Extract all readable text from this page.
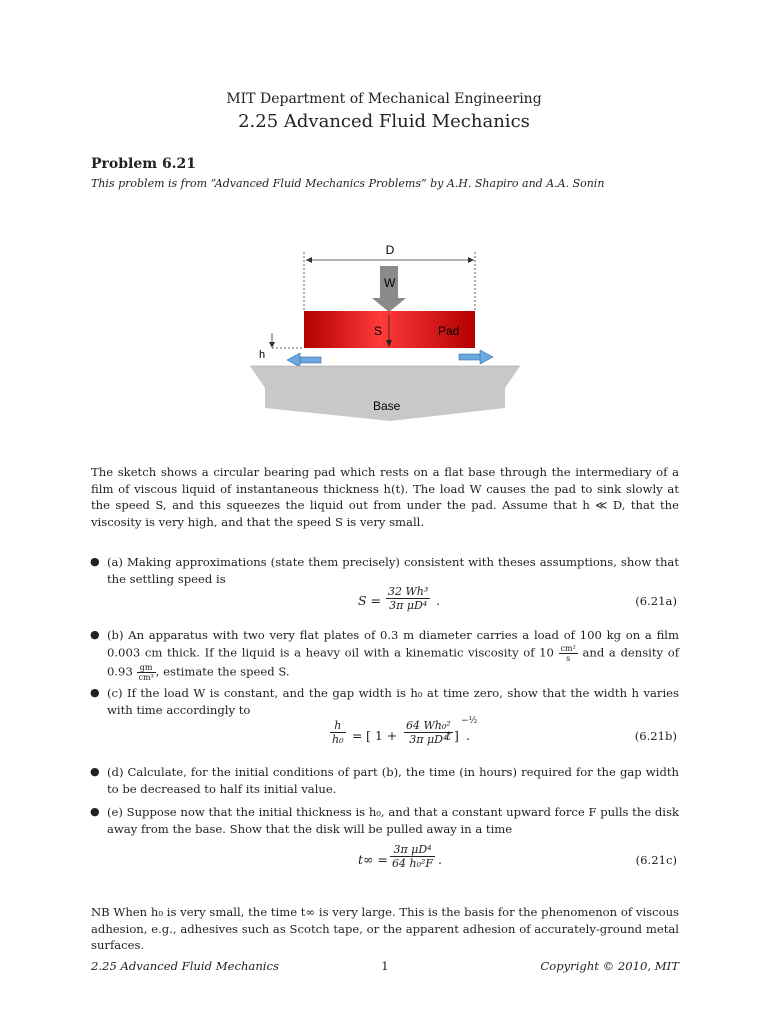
MIT Department of Mechanical Engineering
2.25 Advanced Fluid Mechanics
Problem 6.21
This problem is from “Advanced Fluid Mechanics Problems” by A.H. Shapiro and A.A. Sonin
D
W
S	Pad
h
Base
The sketch shows a circular bearing pad which rests on a flat base through the intermediary of a film of viscous liquid of instantaneous thickness h(t). The load W causes the pad to sink slowly at the speed S, and this squeezes the liquid out from under the pad. Assume that h ≪ D, that the viscosity is very high, and that the speed S is very small.
● (a) Making approximations (state them precisely) consistent with theses assumptions, show that the settling speed is
$S = \frac{\text{32 Wh³}}{\text{3π μD⁴}}$ .	(6.21a)
● (b) An apparatus with two very flat plates of 0.3 m diameter carries a load of 100 kg on a film 0.003 cm thick. If the liquid is a heavy oil with a kinematic viscosity of $10 \frac{\text{cm²}}{s}$ and a density of $0.93 \frac{gm}{\text{cm³}}$ , estimate the speed S.
● (c) If the load W is constant, and the gap width is h₀ at time zero, show that the width h varies with time accordingly to
$\frac{h}{\text{h₀}}$ = [ $1 + \frac{\text{64 Wh₀²}}{\text{3π μD⁴}}$
t ]
−½
.	(6.21b)
● (d) Calculate, for the initial conditions of part (b), the time (in hours) required for the gap width to be decreased to half its initial value.
● (e) Suppose now that the initial thickness is h₀, and that a constant upward force F pulls the disk away from the base. Show that the disk will be pulled away in a time
$t\infty = \frac{\text{3π μD⁴}}{\text{64 h₀²F}}$ .	(6.21c)
NB When h₀ is very small, the time t∞ is very large. This is the basis for the phenomenon of viscous adhesion, e.g., adhesives such as Scotch tape, or the apparent adhesion of accurately-ground metal surfaces.
2.25 Advanced Fluid Mechanics	1	Copyright © 2010, MIT
